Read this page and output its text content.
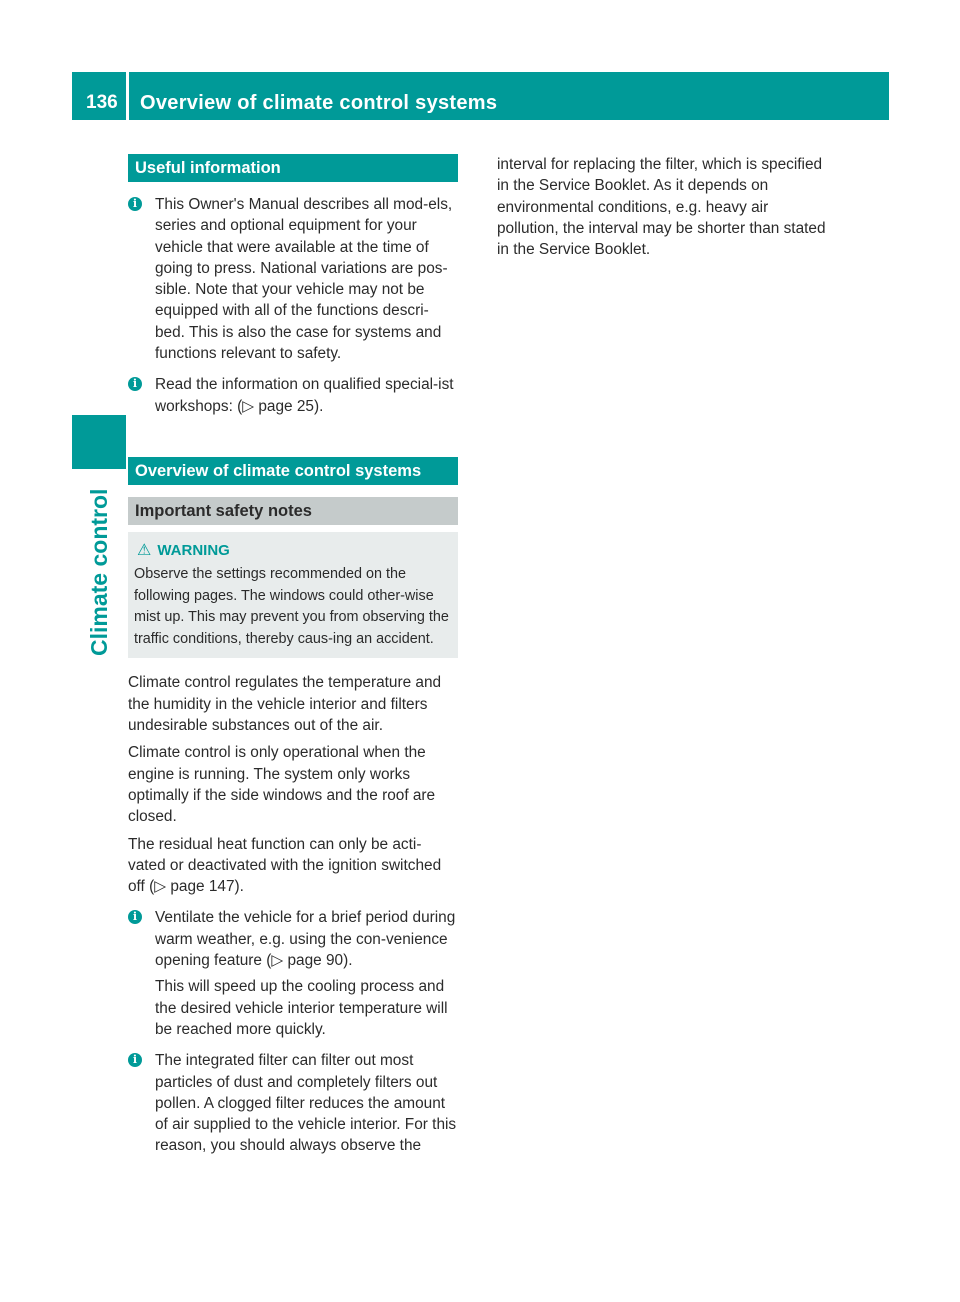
136 Overview of climate control systems
Climate control
Useful information
i	This Owner's Manual describes all mod-els, series and optional equipment for your vehicle that were available at the time of going to press. National variations are pos-sible. Note that your vehicle may not be equipped with all of the functions descri-bed. This is also the case for systems and functions relevant to safety.

i	Read the information on qualified special-ist workshops: (▷ page 25).

Overview of climate control systems
Important safety notes
⚠ WARNING
Observe the settings recommended on the following pages. The windows could other-wise mist up. This may prevent you from observing the traffic conditions, thereby caus-ing an accident.

Climate control regulates the temperature and the humidity in the vehicle interior and filters undesirable substances out of the air.

Climate control is only operational when the engine is running. The system only works optimally if the side windows and the roof are closed.

The residual heat function can only be acti-vated or deactivated with the ignition switched off (▷ page 147).

i	Ventilate the vehicle for a brief period during warm weather, e.g. using the con-venience opening feature (▷ page 90).

This will speed up the cooling process and the desired vehicle interior temperature will be reached more quickly.

i	The integrated filter can filter out most particles of dust and completely filters out pollen. A clogged filter reduces the amount of air supplied to the vehicle interior. For this reason, you should always observe the

interval for replacing the filter, which is specified in the Service Booklet. As it depends on environmental conditions, e.g. heavy air pollution, the interval may be shorter than stated in the Service Booklet.
